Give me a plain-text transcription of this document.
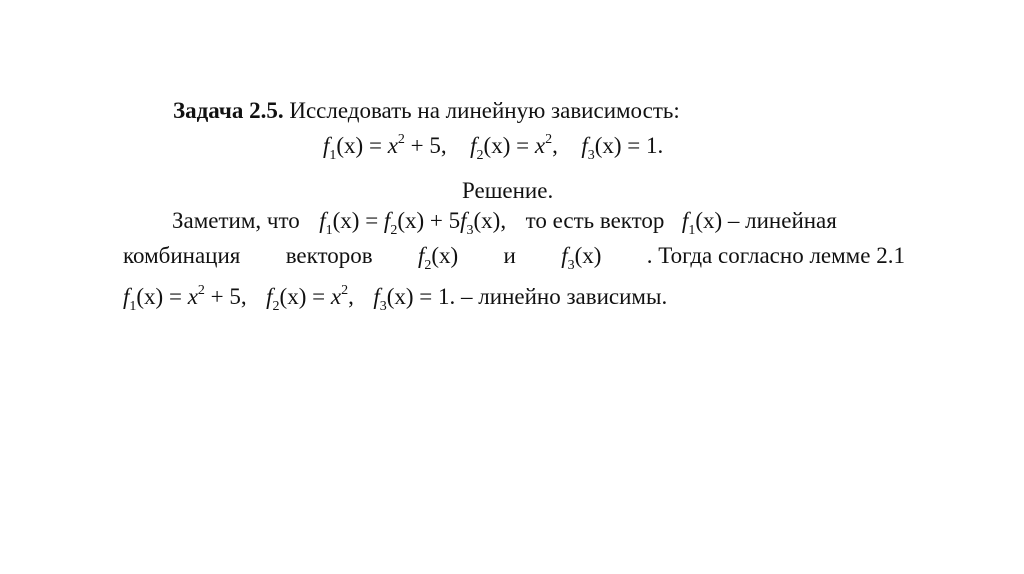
Задача 2.5. Исследовать на линейную зависимость:
$f_1(x) = x^2 + 5$, $f_2(x) = x^2$, $f_3(x) = 1$.
Решение.
Заметим, что $f_1(x) = f_2(x) + 5f_3(x)$, то есть вектор $f_1(x)$ – линейная
комбинация векторов $f_2(x)$ и $f_3(x)$ . Тогда согласно лемме 2.1
$f_1(x) = x^2 + 5$, $f_2(x) = x^2$, $f_3(x) = 1$. – линейно зависимы.
